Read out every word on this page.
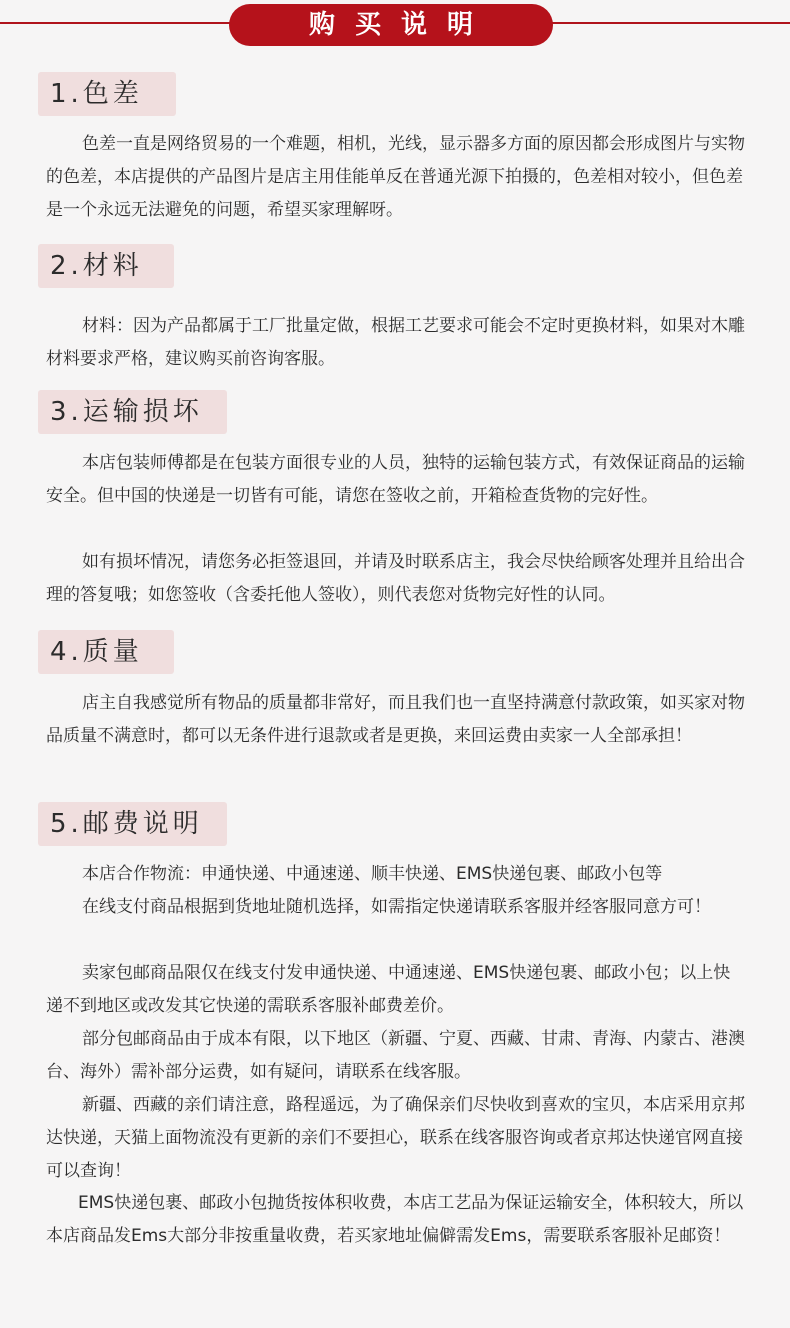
购买说明
1.色差

色差一直是网络贸易的一个难题，相机，光线，显示器多方面的原因都会形成图片与实物的色差，本店提供的产品图片是店主用佳能单反在普通光源下拍摄的，色差相对较小，但色差是一个永远无法避免的问题，希望买家理解呀。

2.材料

材料：因为产品都属于工厂批量定做，根据工艺要求可能会不定时更换材料，如果对木雕材料要求严格，建议购买前咨询客服。

3.运输损坏

本店包装师傅都是在包装方面很专业的人员，独特的运输包装方式，有效保证商品的运输安全。但中国的快递是一切皆有可能，请您在签收之前，开箱检查货物的完好性。

如有损坏情况，请您务必拒签退回，并请及时联系店主，我会尽快给顾客处理并且给出合理的答复哦；如您签收（含委托他人签收），则代表您对货物完好性的认同。

4.质量

店主自我感觉所有物品的质量都非常好，而且我们也一直坚持满意付款政策，如买家对物品质量不满意时，都可以无条件进行退款或者是更换，来回运费由卖家一人全部承担！

5.邮费说明

本店合作物流：申通快递、中通速递、顺丰快递、EMS快递包裹、邮政小包等

在线支付商品根据到货地址随机选择，如需指定快递请联系客服并经客服同意方可！

卖家包邮商品限仅在线支付发申通快递、中通速递、EMS快递包裹、邮政小包；以上快递不到地区或改发其它快递的需联系客服补邮费差价。

部分包邮商品由于成本有限，以下地区（新疆、宁夏、西藏、甘肃、青海、内蒙古、港澳台、海外）需补部分运费，如有疑问，请联系在线客服。

新疆、西藏的亲们请注意，路程遥远，为了确保亲们尽快收到喜欢的宝贝，本店采用京邦达快递，天猫上面物流没有更新的亲们不要担心，联系在线客服咨询或者京邦达快递官网直接可以查询！

EMS快递包裹、邮政小包抛货按体积收费，本店工艺品为保证运输安全，体积较大，所以本店商品发Ems大部分非按重量收费，若买家地址偏僻需发Ems，需要联系客服补足邮资！
